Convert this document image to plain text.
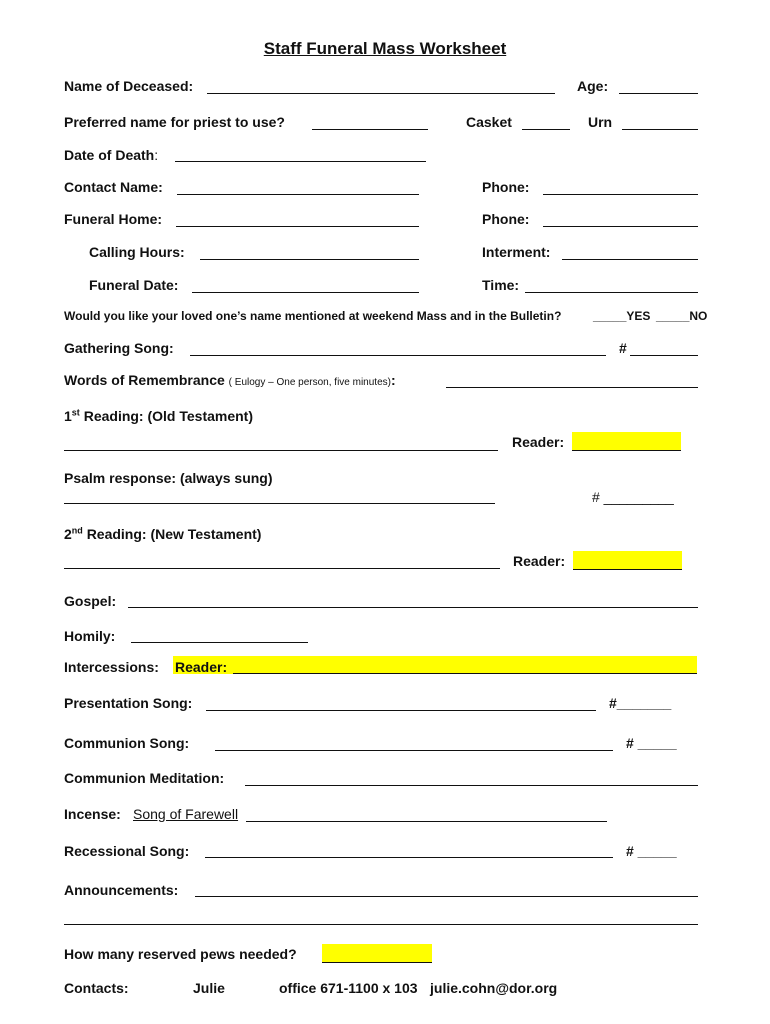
Staff Funeral Mass Worksheet
Name of Deceased:	Age:
Preferred name for priest to use?	Casket	Urn
Date of Death:
Contact Name:	Phone:
Funeral Home:	Phone:
Calling Hours:	Interment:
Funeral Date:	Time:
Would you like your loved one’s name mentioned at weekend Mass and in the Bulletin?	_____YES _____NO
Gathering Song:	#
Words of Remembrance ( Eulogy – One person, five minutes):
1st Reading: (Old Testament)
Reader:
Psalm response: (always sung)
# _________
2nd Reading: (New Testament)
Reader:
Gospel:
Homily:
Intercessions: Reader:
Presentation Song:	#_______
Communion Song:	# _____
Communion Meditation:
Incense: Song of Farewell
Recessional Song:	# _____
Announcements:
How many reserved pews needed?
Contacts:	Julie	office 671-1100 x 103 julie.cohn@dor.org
